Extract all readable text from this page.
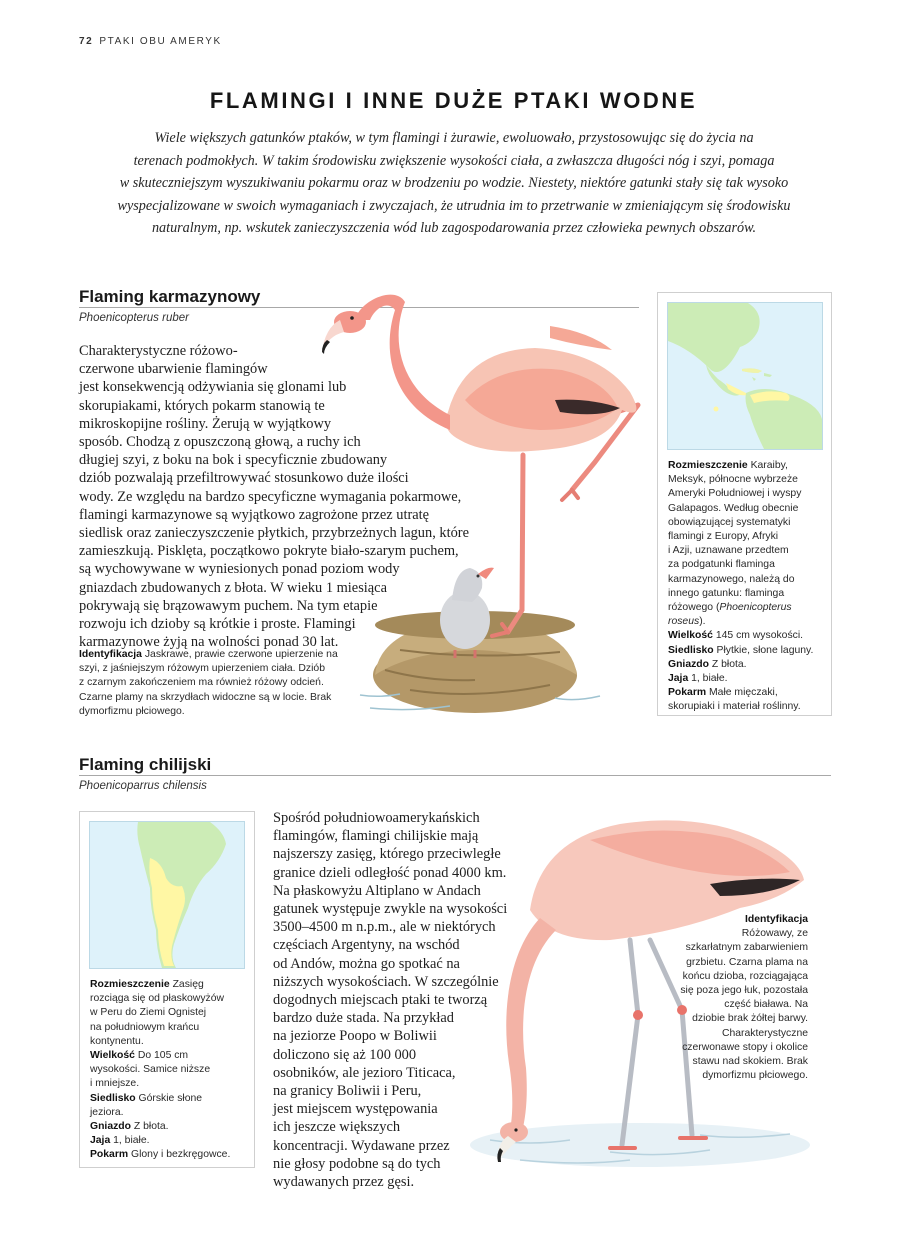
72 PTAKI OBU AMERYK
FLAMINGI I INNE DUŻE PTAKI WODNE
Wiele większych gatunków ptaków, w tym flamingi i żurawie, ewoluowało, przystosowując się do życia na
terenach podmokłych. W takim środowisku zwiększenie wysokości ciała, a zwłaszcza długości nóg i szyi, pomaga
w skuteczniejszym wyszukiwaniu pokarmu oraz w brodzeniu po wodzie. Niestety, niektóre gatunki stały się tak wysoko
wyspecjalizowane w swoich wymaganiach i zwyczajach, że utrudnia im to przetrwanie w zmieniającym się środowisku
naturalnym, np. wskutek zanieczyszczenia wód lub zagospodarowania przez człowieka pewnych obszarów.
Flaming karmazynowy
Phoenicopterus ruber
Charakterystyczne różowo-
czerwone ubarwienie flamingów
jest konsekwencją odżywiania się glonami lub
skorupiakami, których pokarm stanowią te
mikroskopijne rośliny. Żerują w wyjątkowy
sposób. Chodzą z opuszczoną głową, a ruchy ich
długiej szyi, z boku na bok i specyficznie zbudowany
dziób pozwalają przefiltrowywać stosunkowo duże ilości
wody. Ze względu na bardzo specyficzne wymagania pokarmowe,
flamingi karmazynowe są wyjątkowo zagrożone przez utratę
siedlisk oraz zanieczyszczenie płytkich, przybrzeżnych lagun, które
zamieszkują. Pisklęta, początkowo pokryte biało-szarym puchem,
są wychowywane w wyniesionych ponad poziom wody
gniazdach zbudowanych z błota. W wieku 1 miesiąca
pokrywają się brązowawym puchem. Na tym etapie
rozwoju ich dzioby są krótkie i proste. Flamingi
karmazynowe żyją na wolności ponad 30 lat.
Identyfikacja Jaskrawe, prawie czerwone upierzenie na
szyi, z jaśniejszym różowym upierzeniem ciała. Dziób
z czarnym zakończeniem ma również różowy odcień.
Czarne plamy na skrzydłach widoczne są w locie. Brak
dymorfizmu płciowego.
Rozmieszczenie Karaiby,
Meksyk, północne wybrzeże
Ameryki Południowej i wyspy
Galapagos. Według obecnie
obowiązującej systematyki
flamingi z Europy, Afryki
i Azji, uznawane przedtem
za podgatunki flaminga
karmazynowego, należą do
innego gatunku: flaminga
różowego (Phoenicopterus
roseus).
Wielkość 145 cm wysokości.
Siedlisko Płytkie, słone laguny.
Gniazdo Z błota.
Jaja 1, białe.
Pokarm Małe mięczaki,
skorupiaki i materiał roślinny.
Flaming chilijski
Phoenicoparrus chilensis
Rozmieszczenie Zasięg
rozciąga się od płaskowyżów
w Peru do Ziemi Ognistej
na południowym krańcu
kontynentu.
Wielkość Do 105 cm
wysokości. Samice niższe
i mniejsze.
Siedlisko Górskie słone
jeziora.
Gniazdo Z błota.
Jaja 1, białe.
Pokarm Glony i bezkręgowce.
Spośród południowoamerykańskich
flamingów, flamingi chilijskie mają
najszerszy zasięg, którego przeciwległe
granice dzieli odległość ponad 4000 km.
Na płaskowyżu Altiplano w Andach
gatunek występuje zwykle na wysokości
3500–4500 m n.p.m., ale w niektórych
częściach Argentyny, na wschód
od Andów, można go spotkać na
niższych wysokościach. W szczególnie
dogodnych miejscach ptaki te tworzą
bardzo duże stada. Na przykład
na jeziorze Poopo w Boliwii
doliczono się aż 100 000
osobników, ale jezioro Titicaca,
na granicy Boliwii i Peru,
jest miejscem występowania
ich jeszcze większych
koncentracji. Wydawane przez
nie głosy podobne są do tych
wydawanych przez gęsi.
Identyfikacja
Różowawy, ze
szkarłatnym zabarwieniem
grzbietu. Czarna plama na
końcu dzioba, rozciągająca
się poza jego łuk, pozostała
część biaława. Na
dziobie brak żółtej barwy.
Charakterystyczne
czerwonawe stopy i okolice
stawu nad skokiem. Brak
dymorfizmu płciowego.
